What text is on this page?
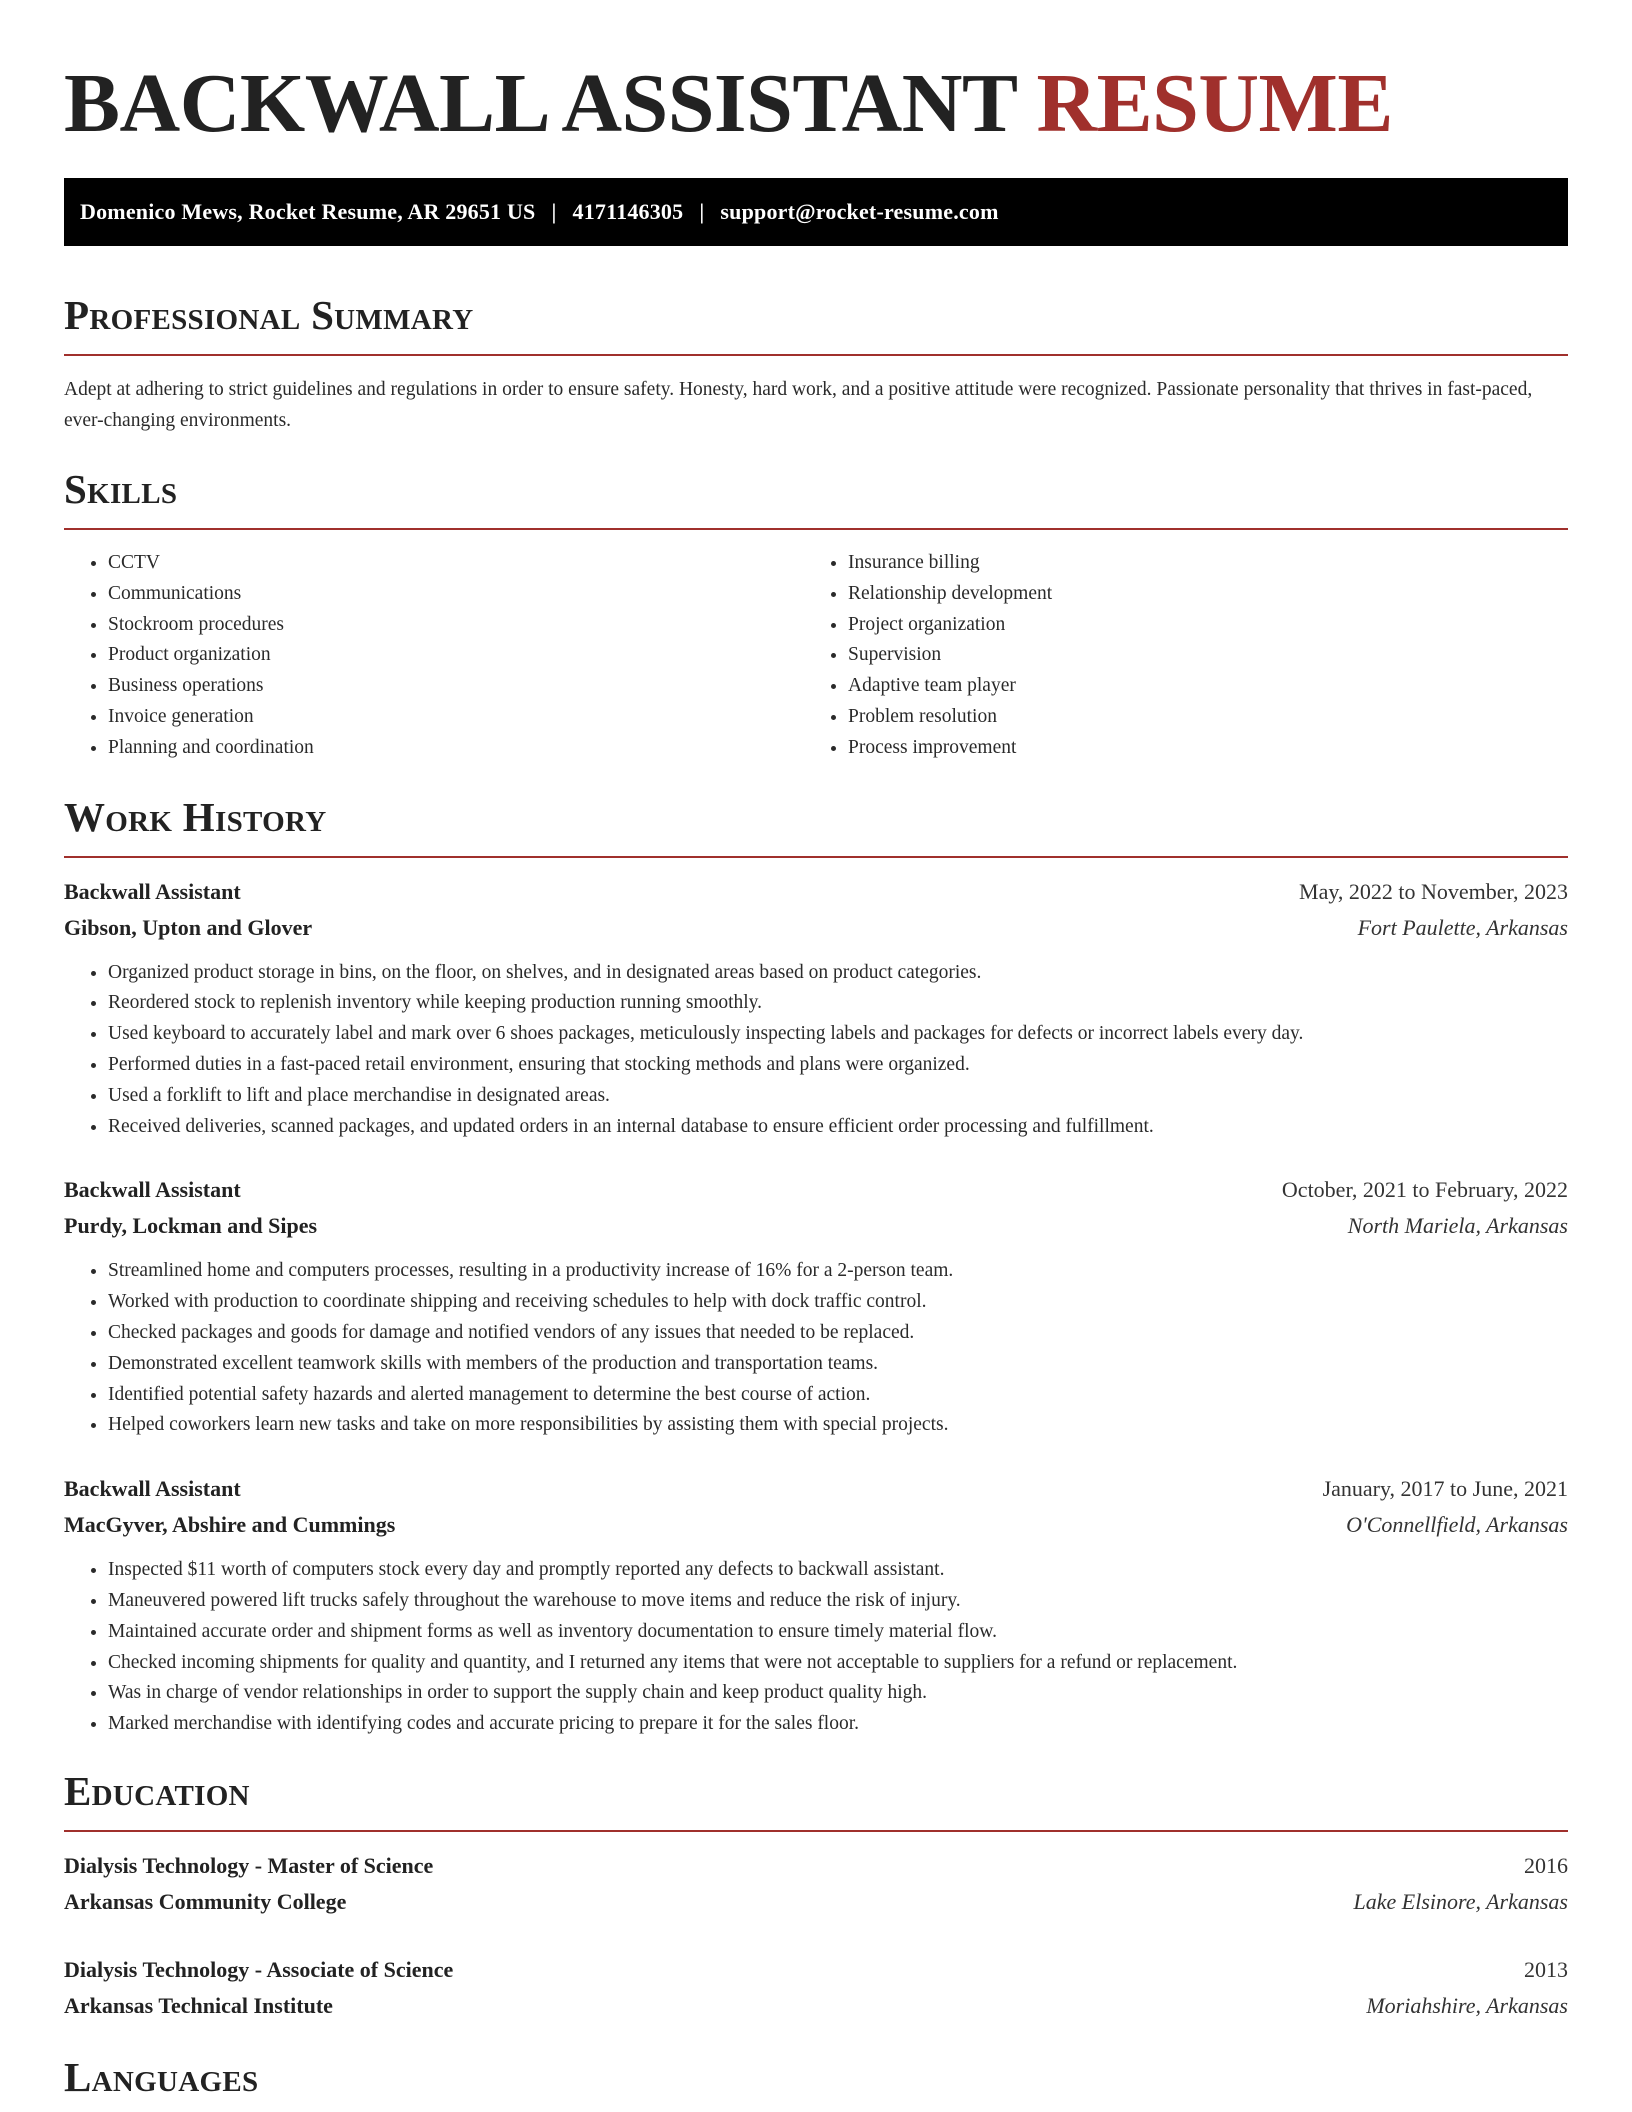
BACKWALL ASSISTANT RESUME
Domenico Mews, Rocket Resume, AR 29651 US | 4171146305 | support@rocket-resume.com
Professional Summary

Adept at adhering to strict guidelines and regulations in order to ensure safety. Honesty, hard work, and a positive attitude were recognized. Passionate personality that thrives in fast-paced, ever-changing environments.

Skills
• CCTV
• Communications
• Stockroom procedures
• Product organization
• Business operations
• Invoice generation
• Planning and coordination
• Insurance billing
• Relationship development
• Project organization
• Supervision
• Adaptive team player
• Problem resolution
• Process improvement
Work History
Backwall Assistant	May, 2022 to November, 2023
Gibson, Upton and Glover	Fort Paulette, Arkansas
• Organized product storage in bins, on the floor, on shelves, and in designated areas based on product categories.
• Reordered stock to replenish inventory while keeping production running smoothly.
• Used keyboard to accurately label and mark over 6 shoes packages, meticulously inspecting labels and packages for defects or incorrect labels every day.
• Performed duties in a fast-paced retail environment, ensuring that stocking methods and plans were organized.
• Used a forklift to lift and place merchandise in designated areas.
• Received deliveries, scanned packages, and updated orders in an internal database to ensure efficient order processing and fulfillment.
Backwall Assistant	October, 2021 to February, 2022
Purdy, Lockman and Sipes	North Mariela, Arkansas
• Streamlined home and computers processes, resulting in a productivity increase of 16% for a 2-person team.
• Worked with production to coordinate shipping and receiving schedules to help with dock traffic control.
• Checked packages and goods for damage and notified vendors of any issues that needed to be replaced.
• Demonstrated excellent teamwork skills with members of the production and transportation teams.
• Identified potential safety hazards and alerted management to determine the best course of action.
• Helped coworkers learn new tasks and take on more responsibilities by assisting them with special projects.
Backwall Assistant	January, 2017 to June, 2021
MacGyver, Abshire and Cummings	O'Connellfield, Arkansas
• Inspected $11 worth of computers stock every day and promptly reported any defects to backwall assistant.
• Maneuvered powered lift trucks safely throughout the warehouse to move items and reduce the risk of injury.
• Maintained accurate order and shipment forms as well as inventory documentation to ensure timely material flow.
• Checked incoming shipments for quality and quantity, and I returned any items that were not acceptable to suppliers for a refund or replacement.
• Was in charge of vendor relationships in order to support the supply chain and keep product quality high.
• Marked merchandise with identifying codes and accurate pricing to prepare it for the sales floor.
Education
Dialysis Technology - Master of Science	2016
Arkansas Community College	Lake Elsinore, Arkansas
Dialysis Technology - Associate of Science	2013
Arkansas Technical Institute	Moriahshire, Arkansas
Languages
